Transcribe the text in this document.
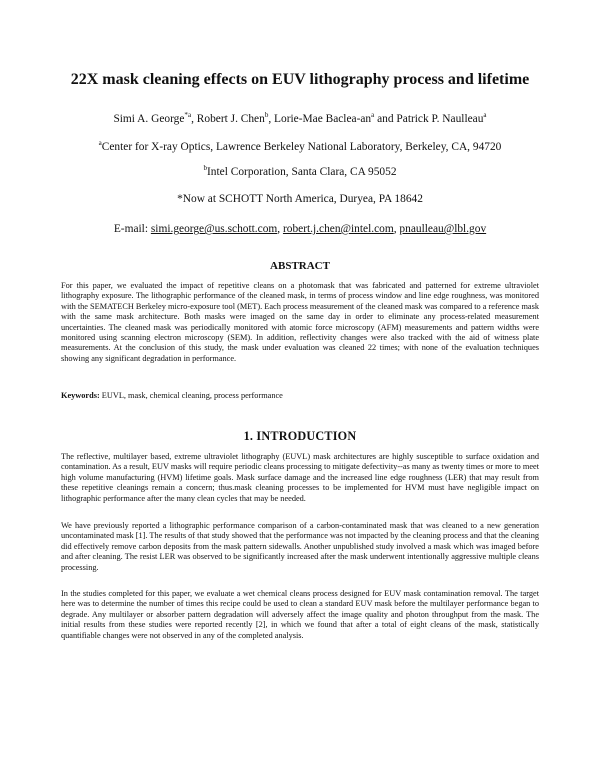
22X mask cleaning effects on EUV lithography process and lifetime
Simi A. George$^{*a}$, Robert J. Chen$^b$, Lorie-Mae Baclea-$an^a$ and Patrick P. Naulleau$^a$
$^a$Center for X-ray Optics, Lawrence Berkeley National Laboratory, Berkeley, CA, 94720
$^b$Intel Corporation, Santa Clara, CA 95052
*Now at SCHOTT North America, Duryea, PA 18642
E-mail: simi.george@us.schott.com, robert.j.chen@intel.com, pnaulleau@lbl.gov
ABSTRACT

For this paper, we evaluated the impact of repetitive cleans on a photomask that was fabricated and patterned for extreme ultraviolet lithography exposure. The lithographic performance of the cleaned mask, in terms of process window and line edge roughness, was monitored with the SEMATECH Berkeley micro-exposure tool (MET). Each process measurement of the cleaned mask was compared to a reference mask with the same mask architecture. Both masks were imaged on the same day in order to eliminate any process-related measurement uncertainties. The cleaned mask was periodically monitored with atomic force microscopy (AFM) measurements and pattern widths were monitored using scanning electron microscopy (SEM). In addition, reflectivity changes were also tracked with the aid of witness plate measurements. At the conclusion of this study, the mask under evaluation was cleaned 22 times; with none of the evaluation techniques showing any significant degradation in performance.

Keywords: EUVL, mask, chemical cleaning, process performance

1. INTRODUCTION

The reflective, multilayer based, extreme ultraviolet lithography (EUVL) mask architectures are highly susceptible to surface oxidation and contamination. As a result, EUV masks will require periodic cleans processing to mitigate defectivity--as many as twenty times or more to meet high volume manufacturing (HVM) lifetime goals. Mask surface damage and the increased line edge roughness (LER) that may result from these repetitive cleanings remain a concern; thus.mask cleaning processes to be implemented for HVM must have negligible impact on lithographic performance after the many clean cycles that may be needed.

We have previously reported a lithographic performance comparison of a carbon-contaminated mask that was cleaned to a new generation uncontaminated mask [1]. The results of that study showed that the performance was not impacted by the cleaning process and that the cleaning did effectively remove carbon deposits from the mask pattern sidewalls. Another unpublished study involved a mask which was imaged before and after cleaning. The resist LER was observed to be significantly increased after the mask underwent intentionally aggressive multiple cleans processing.

In the studies completed for this paper, we evaluate a wet chemical cleans process designed for EUV mask contamination removal. The target here was to determine the number of times this recipe could be used to clean a standard EUV mask before the multilayer performance began to degrade. Any multilayer or absorber pattern degradation will adversely affect the image quality and photon throughput from the mask. The initial results from these studies were reported recently [2], in which we found that after a total of eight cleans of the mask, statistically quantifiable changes were not observed in any of the completed analysis.
